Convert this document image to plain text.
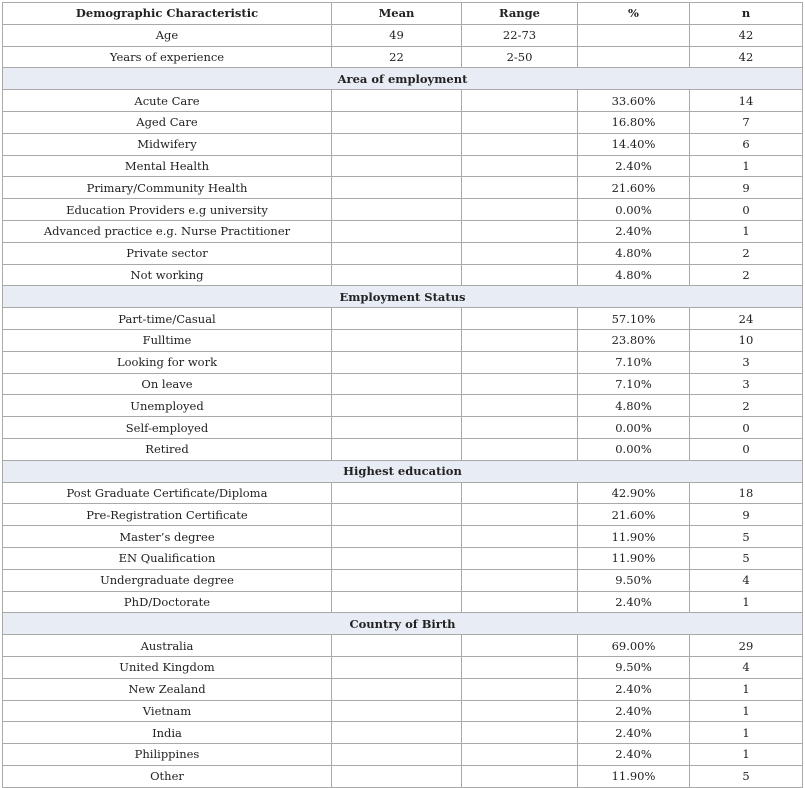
Demographic Characteristic	Mean	Range	%	n
Age	49	22-73		42
Years of experience	22	2-50		42
Area of employment				
Acute Care			33.60%	14
Aged Care			16.80%	7
Midwifery			14.40%	6
Mental Health			2.40%	1
Primary/Community Health			21.60%	9
Education Providers e.g university			0.00%	0
Advanced practice e.g. Nurse Practitioner			2.40%	1
Private sector			4.80%	2
Not working			4.80%	2
Employment Status				
Part-time/Casual			57.10%	24
Fulltime			23.80%	10
Looking for work			7.10%	3
On leave			7.10%	3
Unemployed			4.80%	2
Self-employed			0.00%	0
Retired			0.00%	0
Highest education				
Post Graduate Certificate/Diploma			42.90%	18
Pre-Registration Certificate			21.60%	9
Master’s degree			11.90%	5
EN Qualification			11.90%	5
Undergraduate degree			9.50%	4
PhD/Doctorate			2.40%	1
Country of Birth				
Australia			69.00%	29
United Kingdom			9.50%	4
New Zealand			2.40%	1
Vietnam			2.40%	1
India			2.40%	1
Philippines			2.40%	1
Other			11.90%	5
